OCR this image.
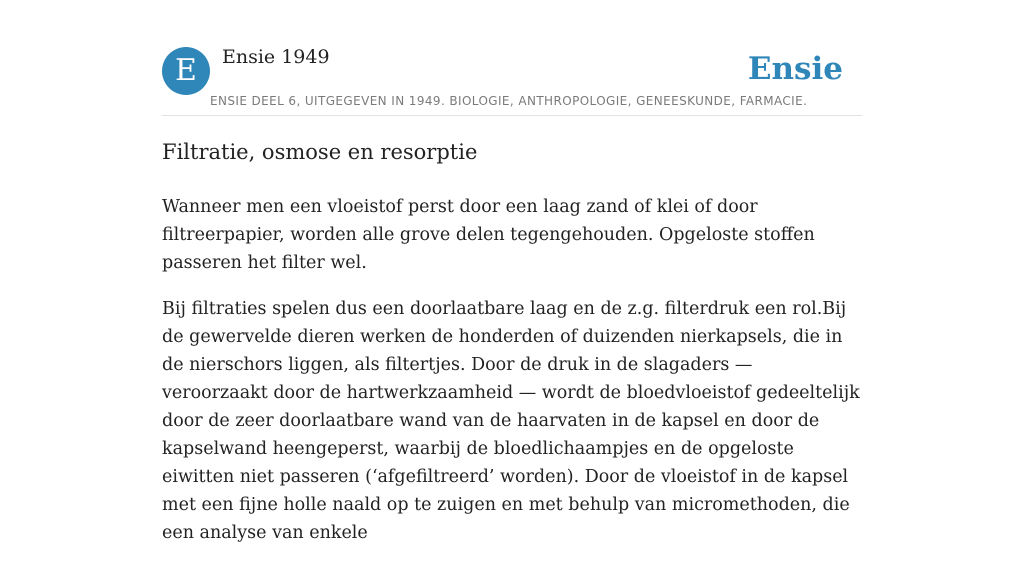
E	Ensie 1949	Ensie
ENSIE DEEL 6, UITGEGEVEN IN 1949. BIOLOGIE, ANTHROPOLOGIE, GENEESKUNDE, FARMACIE.
Filtratie, osmose en resorptie

Wanneer men een vloeistof perst door een laag zand of klei of door filtreerpapier, worden alle grove delen tegengehouden. Opgeloste stoffen passeren het filter wel.

Bij filtraties spelen dus een doorlaatbare laag en de z.g. filterdruk een rol.Bij de gewervelde dieren werken de honderden of duizenden nierkapsels, die in de nierschors liggen, als filtertjes. Door de druk in de slagaders — veroorzaakt door de hartwerkzaamheid — wordt de bloedvloeistof gedeeltelijk door de zeer doorlaatbare wand van de haarvaten in de kapsel en door de kapselwand heengeperst, waarbij de bloedlichaampjes en de opgeloste eiwitten niet passeren (‘afgefiltreerd’ worden). Door de vloeistof in de kapsel met een fijne holle naald op te zuigen en met behulp van micromethoden, die een analyse van enkele
